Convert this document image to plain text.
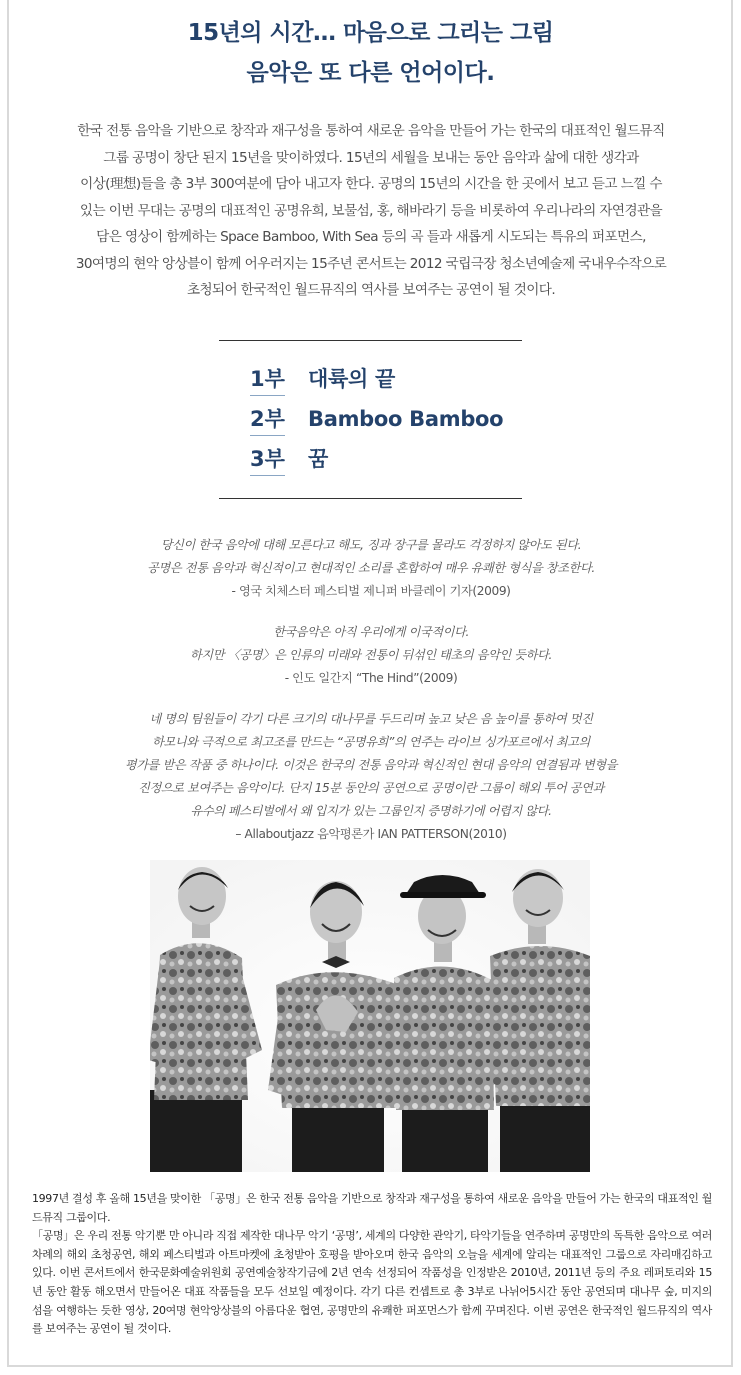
15년의 시간… 마음으로 그리는 그림
음악은 또 다른 언어이다.

한국 전통 음악을 기반으로 창작과 재구성을 통하여 새로운 음악을 만들어 가는 한국의 대표적인 월드뮤직

그룹 공명이 창단 된지 15년을 맞이하였다. 15년의 세월을 보내는 동안 음악과 삶에 대한 생각과

이상(理想)들을 총 3부 300여분에 담아 내고자 한다. 공명의 15년의 시간을 한 곳에서 보고 듣고 느낄 수

있는 이번 무대는 공명의 대표적인 공명유희, 보물섬, 홍, 해바라기 등을 비롯하여 우리나라의 자연경관을

담은 영상이 함께하는 Space Bamboo, With Sea 등의 곡 들과 새롭게 시도되는 특유의 퍼포먼스,

30여명의 현악 앙상블이 함께 어우러지는 15주년 콘서트는 2012 국립극장 청소년예술제 국내우수작으로

초청되어 한국적인 월드뮤직의 역사를 보여주는 공연이 될 것이다.

1부	대륙의 끝
2부	Bamboo Bamboo
3부	꿈

당신이 한국 음악에 대해 모른다고 해도, 징과 장구를 몰라도 걱정하지 않아도 된다.

공명은 전통 음악과 혁신적이고 현대적인 소리를 혼합하여 매우 유쾌한 형식을 창조한다.

- 영국 치체스터 페스티벌 제니퍼 바클레이 기자(2009)

한국음악은 아직 우리에게 이국적이다.

하지만 〈공명〉은 인류의 미래와 전통이 뒤섞인 태초의 음악인 듯하다.

- 인도 일간지 “The Hind”(2009)

네 명의 팀원들이 각기 다른 크기의 대나무를 두드리며 높고 낮은 음 높이를 통하여 멋진

하모니와 극적으로 최고조를 만드는 “공명유희”의 연주는 라이브 싱가포르에서 최고의

평가를 받은 작품 중 하나이다. 이것은 한국의 전통 음악과 혁신적인 현대 음악의 연결됨과 변형을

진정으로 보여주는 음악이다. 단지 15분 동안의 공연으로 공명이란 그룹이 해외 투어 공연과

유수의 페스티벌에서 왜 입지가 있는 그룹인지 증명하기에 어렵지 않다.

– Allaboutjazz 음악평론가 IAN PATTERSON(2010)

1997년 결성 후 올해 15년을 맞이한 「공명」은 한국 전통 음악을 기반으로 창작과 재구성을 통하여 새로운 음악을 만들어 가는 한국의 대표적인 월드뮤직 그룹이다.

「공명」은 우리 전통 악기뿐 만 아니라 직접 제작한 대나무 악기 ‘공명’, 세계의 다양한 관악기, 타악기들을 연주하며 공명만의 독특한 음악으로 여러 차례의 해외 초청공연, 해외 페스티벌과 아트마켓에 초청받아 호평을 받아오며 한국 음악의 오늘을 세계에 알리는 대표적인 그룹으로 자리매김하고 있다. 이번 콘서트에서 한국문화예술위원회 공연예술창작기금에 2년 연속 선정되어 작품성을 인정받은 2010년, 2011년 등의 주요 레퍼토리와 15년 동안 활동 해오면서 만들어온 대표 작품들을 모두 선보일 예정이다. 각기 다른 컨셉트로 총 3부로 나뉘어5시간 동안 공연되며 대나무 숲, 미지의 섬을 여행하는 듯한 영상, 20여명 현악앙상블의 아름다운 협연, 공명만의 유쾌한 퍼포먼스가 함께 꾸며진다. 이번 공연은 한국적인 월드뮤직의 역사를 보여주는 공연이 될 것이다.
